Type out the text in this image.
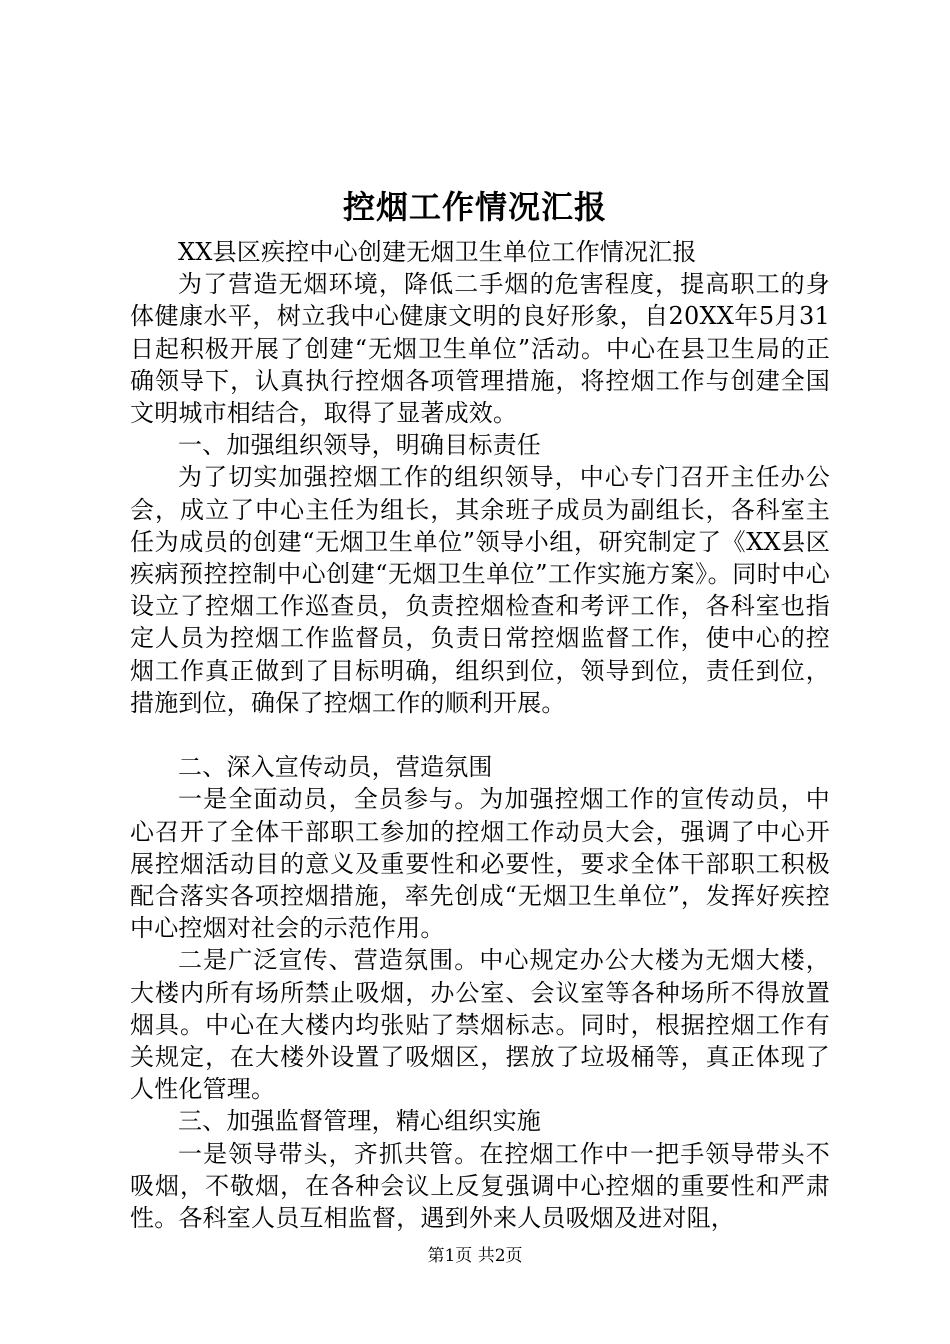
控烟工作情况汇报

XX县区疾控中心创建无烟卫生单位工作情况汇报

为了营造无烟环境，降低二手烟的危害程度，提高职工的身体健康水平，树立我中心健康文明的良好形象，自20XX年5月31日起积极开展了创建“无烟卫生单位”活动。中心在县卫生局的正确领导下，认真执行控烟各项管理措施，将控烟工作与创建全国文明城市相结合，取得了显著成效。

一、加强组织领导，明确目标责任

为了切实加强控烟工作的组织领导，中心专门召开主任办公会，成立了中心主任为组长，其余班子成员为副组长，各科室主任为成员的创建“无烟卫生单位”领导小组，研究制定了《XX县区疾病预控控制中心创建“无烟卫生单位”工作实施方案》。同时中心设立了控烟工作巡查员，负责控烟检查和考评工作，各科室也指定人员为控烟工作监督员，负责日常控烟监督工作，使中心的控烟工作真正做到了目标明确，组织到位，领导到位，责任到位，措施到位，确保了控烟工作的顺利开展。

二、深入宣传动员，营造氛围

一是全面动员，全员参与。为加强控烟工作的宣传动员，中心召开了全体干部职工参加的控烟工作动员大会，强调了中心开展控烟活动目的意义及重要性和必要性，要求全体干部职工积极配合落实各项控烟措施，率先创成“无烟卫生单位”，发挥好疾控中心控烟对社会的示范作用。

二是广泛宣传、营造氛围。中心规定办公大楼为无烟大楼，大楼内所有场所禁止吸烟，办公室、会议室等各种场所不得放置烟具。中心在大楼内均张贴了禁烟标志。同时，根据控烟工作有关规定，在大楼外设置了吸烟区，摆放了垃圾桶等，真正体现了人性化管理。

三、加强监督管理，精心组织实施

一是领导带头，齐抓共管。在控烟工作中一把手领导带头不吸烟，不敬烟，在各种会议上反复强调中心控烟的重要性和严肃性。各科室人员互相监督，遇到外来人员吸烟及进对阻，

第1页 共2页
